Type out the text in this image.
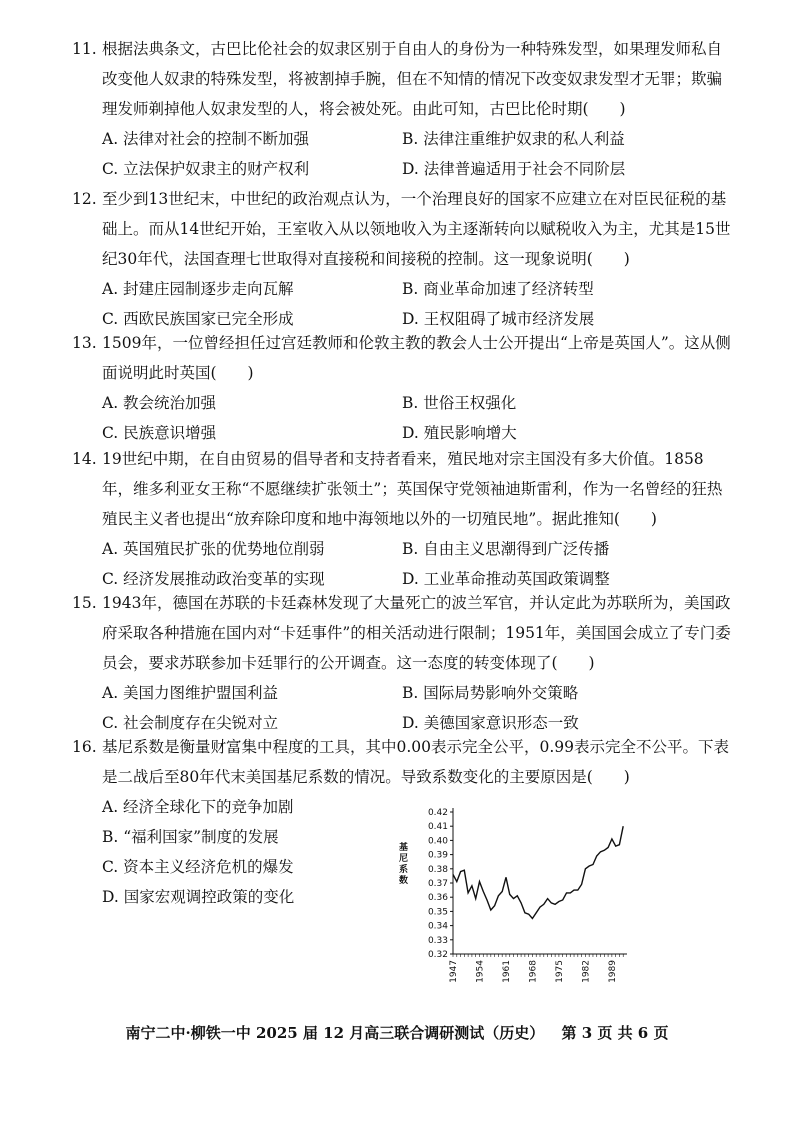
11. 根据法典条文，古巴比伦社会的奴隶区别于自由人的身份为一种特殊发型，如果理发师私自改变他人奴隶的特殊发型，将被割掉手腕，但在不知情的情况下改变奴隶发型才无罪；欺骗理发师剃掉他人奴隶发型的人，将会被处死。由此可知，古巴比伦时期(　　)
A. 法律对社会的控制不断加强	B. 法律注重维护奴隶的私人利益
C. 立法保护奴隶主的财产权利	D. 法律普遍适用于社会不同阶层
12. 至少到13世纪末，中世纪的政治观点认为，一个治理良好的国家不应建立在对臣民征税的基础上。而从14世纪开始，王室收入从以领地收入为主逐渐转向以赋税收入为主，尤其是15世纪30年代，法国查理七世取得对直接税和间接税的控制。这一现象说明(　　)
A. 封建庄园制逐步走向瓦解	B. 商业革命加速了经济转型
C. 西欧民族国家已完全形成	D. 王权阻碍了城市经济发展
13. 1509年，一位曾经担任过宫廷教师和伦敦主教的教会人士公开提出“上帝是英国人”。这从侧面说明此时英国(　　)
A. 教会统治加强	B. 世俗王权强化
C. 民族意识增强	D. 殖民影响增大
14. 19世纪中期，在自由贸易的倡导者和支持者看来，殖民地对宗主国没有多大价值。1858年，维多利亚女王称“不愿继续扩张领土”；英国保守党领袖迪斯雷利，作为一名曾经的狂热殖民主义者也提出“放弃除印度和地中海领地以外的一切殖民地”。据此推知(　　)
A. 英国殖民扩张的优势地位削弱	B. 自由主义思潮得到广泛传播
C. 经济发展推动政治变革的实现	D. 工业革命推动英国政策调整
15. 1943年，德国在苏联的卡廷森林发现了大量死亡的波兰军官，并认定此为苏联所为，美国政府采取各种措施在国内对“卡廷事件”的相关活动进行限制；1951年，美国国会成立了专门委员会，要求苏联参加卡廷罪行的公开调查。这一态度的转变体现了(　　)
A. 美国力图维护盟国利益	B. 国际局势影响外交策略
C. 社会制度存在尖锐对立	D. 美德国家意识形态一致
16. 基尼系数是衡量财富集中程度的工具，其中0.00表示完全公平，0.99表示完全不公平。下表是二战后至80年代末美国基尼系数的情况。导致系数变化的主要原因是(　　)
A. 经济全球化下的竞争加剧
B. “福利国家”制度的发展
C. 资本主义经济危机的爆发
D. 国家宏观调控政策的变化
基
尼
系
数
0.42
0.41
0.40
0.39
0.38
0.37
0.36
0.35
0.34
0.33
0.32
1947 1954 1961 1968 1975 1982 1989
南宁二中·柳铁一中 2025 届 12 月高三联合调研测试（历史） 第 3 页 共 6 页
